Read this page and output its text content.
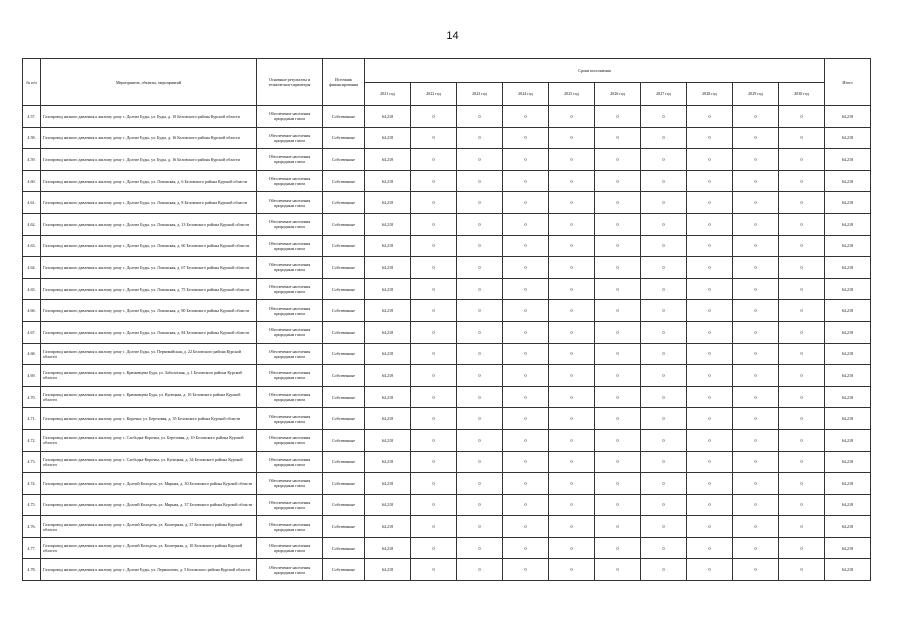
14
№ п/п	Мероприятие, объекты, мероприятий	Основные результаты и технические параметры	Источник финансирования	Сроки исполнения										Итого
				2021 год	2022 год	2023 год	2024 год	2025 год	2026 год	2027 год	2028 год	2029 год	2030 год	
4.57.	Газопровод низкого давления к жилому дому с. Долгие Буды, ул. Буды, д. 10 Беловского района Курской области	Обеспечение населения природным газом	Собственные	64,218	0	0	0	0	0	0	0	0	0	64,218
4.58.	Газопровод низкого давления к жилому дому с. Долгие Буды, ул. Буды, д. 16 Беловского района Курской области	Обеспечение населения природным газом	Собственные	64,218	0	0	0	0	0	0	0	0	0	64,218
4.59.	Газопровод низкого давления к жилому дому с. Долгие Буды, ул. Буды, д. 16 Беловского района Курской области	Обеспечение населения природным газом	Собственные	64,218	0	0	0	0	0	0	0	0	0	64,218
4.60.	Газопровод низкого давления к жилому дому с. Долгие Буды, ул. Лозинская, д. 6 Беловского района Курской области	Обеспечение населения природным газом	Собственные	64,218	0	0	0	0	0	0	0	0	0	64,218
4.61.	Газопровод низкого давления к жилому дому с. Долгие Буды, ул. Лозинская, д. 8 Беловского района Курской области	Обеспечение населения природным газом	Собственные	64,218	0	0	0	0	0	0	0	0	0	64,218
4.62.	Газопровод низкого давления к жилому дому с. Долгие Буды, ул. Лозинская, д. 13 Беловского района Курской области	Обеспечение населения природным газом	Собственные	64,218	0	0	0	0	0	0	0	0	0	64,218
4.63.	Газопровод низкого давления к жилому дому с. Долгие Буды, ул. Лозинская, д. 60 Беловского района Курской области	Обеспечение населения природным газом	Собственные	64,218	0	0	0	0	0	0	0	0	0	64,218
4.64.	Газопровод низкого давления к жилому дому с. Долгие Буды, ул. Лозинская, д. 67 Беловского района Курской области	Обеспечение населения природным газом	Собственные	64,218	0	0	0	0	0	0	0	0	0	64,218
4.65.	Газопровод низкого давления к жилому дому с. Долгие Буды, ул. Лозинская, д. 75 Беловского района Курской области	Обеспечение населения природным газом	Собственные	64,218	0	0	0	0	0	0	0	0	0	64,218
4.66.	Газопровод низкого давления к жилому дому с. Долгие Буды, ул. Лозинская, д. 80 Беловского района Курской области	Обеспечение населения природным газом	Собственные	64,218	0	0	0	0	0	0	0	0	0	64,218
4.67.	Газопровод низкого давления к жилому дому с. Долгие Буды, ул. Лозинская, д. 84 Беловского района Курской области	Обеспечение населения природным газом	Собственные	64,218	0	0	0	0	0	0	0	0	0	64,218
4.68.	Газопровод низкого давления к жилому дому с. Долгие Буды, ул. Первомайская, д. 22 Беловского района Курской области	Обеспечение населения природным газом	Собственные	64,218	0	0	0	0	0	0	0	0	0	64,218
4.69.	Газопровод низкого давления к жилому дому с. Крюковцева Буда, ул. Заболотная, д. 1 Беловского района Курской области	Обеспечение населения природным газом	Собственные	64,218	0	0	0	0	0	0	0	0	0	64,218
4.70.	Газопровод низкого давления к жилому дому с. Крюковцева Буда, ул. Купецкая, д. 10 Беловского района Курской области	Обеспечение населения природным газом	Собственные	64,218	0	0	0	0	0	0	0	0	0	64,218
4.71.	Газопровод низкого давления к жилому дому с. Корочка, ул. Березовая, д. 35 Беловского района Курской области	Обеспечение населения природным газом	Собственные	64,218	0	0	0	0	0	0	0	0	0	64,218
4.72.	Газопровод низкого давления к жилому дому с. Слободка-Корочка, ул. Березовая, д. 10 Беловского района Курской области	Обеспечение населения природным газом	Собственные	64,218	0	0	0	0	0	0	0	0	0	64,218
4.73.	Газопровод низкого давления к жилому дому с. Слободка-Корочка, ул. Купецкая, д. 34 Беловского района Курской области	Обеспечение населения природным газом	Собственные	64,218	0	0	0	0	0	0	0	0	0	64,218
4.74.	Газопровод низкого давления к жилому дому с. Долгий Колодезь, ул. Мирная, д. 30 Беловского района Курской области	Обеспечение населения природным газом	Собственные	64,218	0	0	0	0	0	0	0	0	0	64,218
4.75.	Газопровод низкого давления к жилому дому с. Долгий Колодезь, ул. Мирная, д. 37 Беловского района Курской области	Обеспечение населения природным газом	Собственные	64,218	0	0	0	0	0	0	0	0	0	64,218
4.76.	Газопровод низкого давления к жилому дому с. Долгий Колодезь, ул. Кооперная, д. 37 Беловского района Курской области	Обеспечение населения природным газом	Собственные	64,218	0	0	0	0	0	0	0	0	0	64,218
4.77.	Газопровод низкого давления к жилому дому с. Долгий Колодезь, ул. Кооперная, д. 10 Беловского района Курской области	Обеспечение населения природным газом	Собственные	64,218	0	0	0	0	0	0	0	0	0	64,218
4.78.	Газопровод низкого давления к жилому дому с. Долгие Буды, ул. Лермонтова, д. 5 Беловского района Курской области	Обеспечение населения природным газом	Собственные	64,218	0	0	0	0	0	0	0	0	0	64,218
